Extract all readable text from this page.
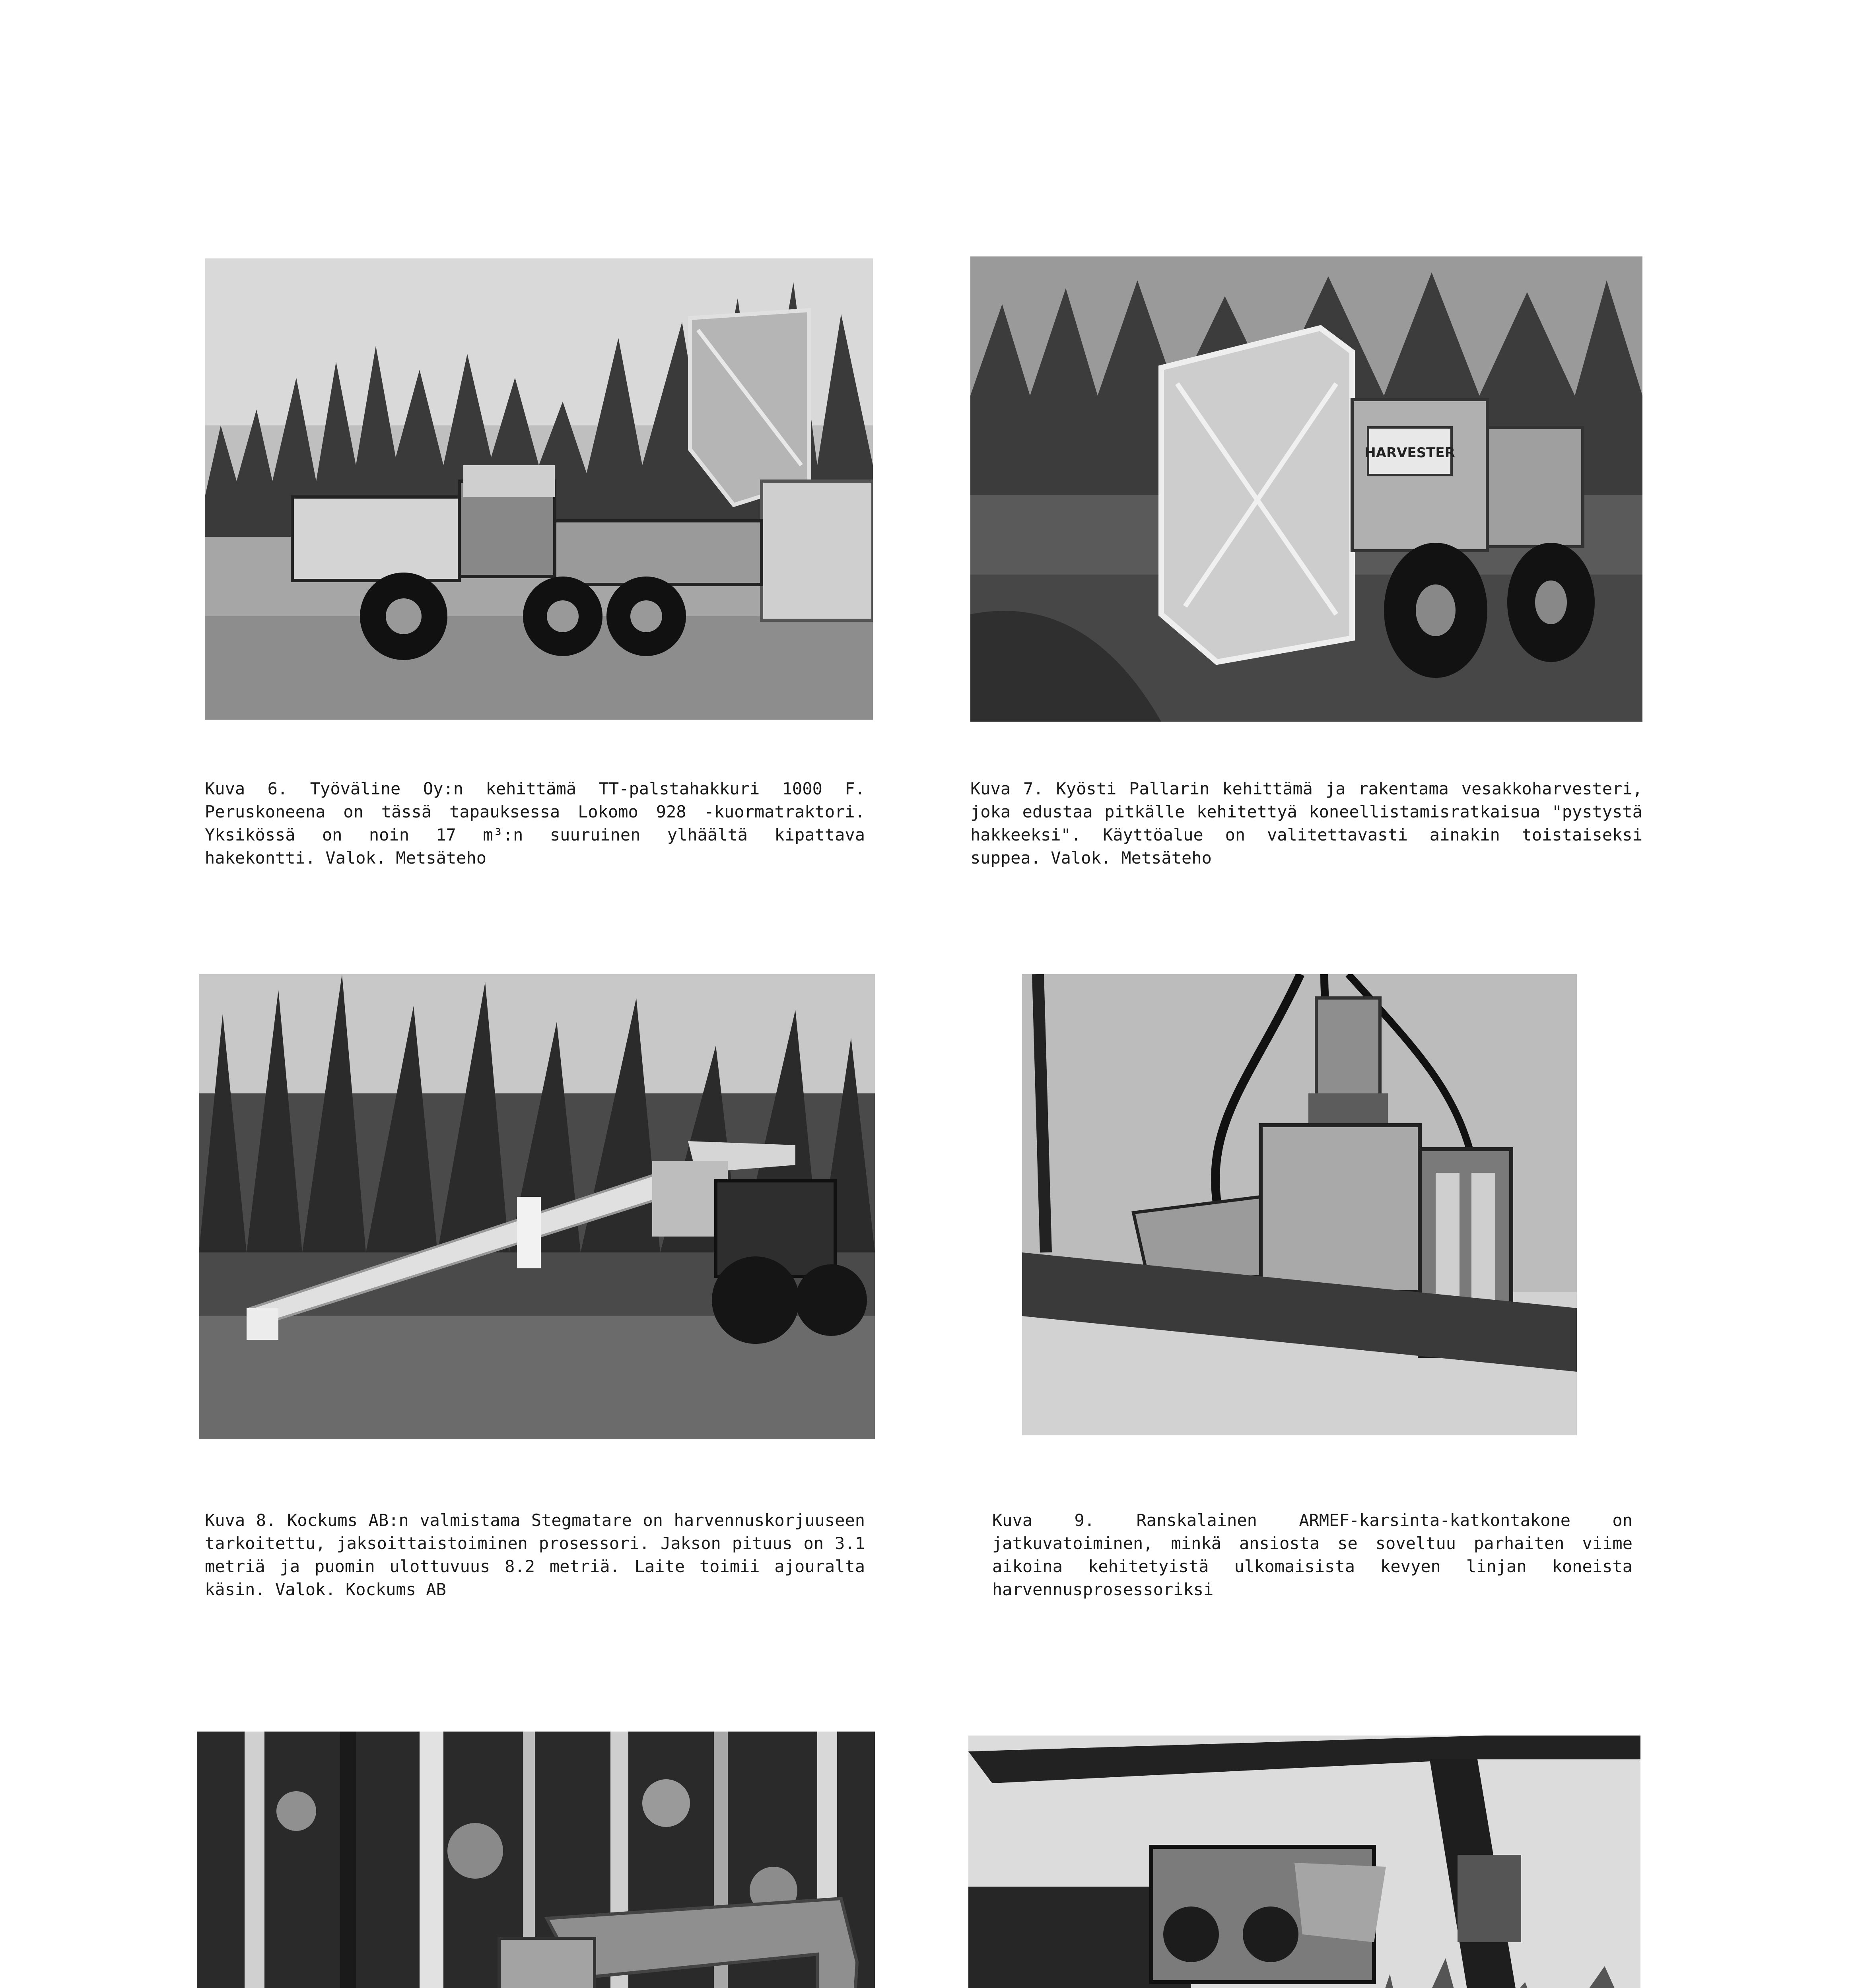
Kuva 6. Työväline Oy:n kehittämä TT-palstahakkuri 1000 F. Peruskoneena on tässä tapauksessa Lokomo 928 -kuormatraktori. Yksikössä on noin 17 m³:n suuruinen ylhäältä kipattava hakekontti. Valok. Metsäteho
HARVESTER
Kuva 7. Kyösti Pallarin kehittämä ja rakentama vesakkoharvesteri, joka edustaa pitkälle kehitettyä koneellistamisratkaisua "pystystä hakkeeksi". Käyttöalue on valitettavasti ainakin toistaiseksi suppea. Valok. Metsäteho
Kuva 8. Kockums AB:n valmistama Stegmatare on harvennuskorjuuseen tarkoitettu, jaksoittaistoiminen prosessori. Jakson pituus on 3.1 metriä ja puomin ulottuvuus 8.2 metriä. Laite toimii ajouralta käsin. Valok. Kockums AB
Kuva 9. Ranskalainen ARMEF-karsinta-katkontakone on jatkuvatoiminen, minkä ansiosta se soveltuu parhaiten viime aikoina kehitetyistä ulkomaisista kevyen linjan koneista harvennusprosessoriksi
